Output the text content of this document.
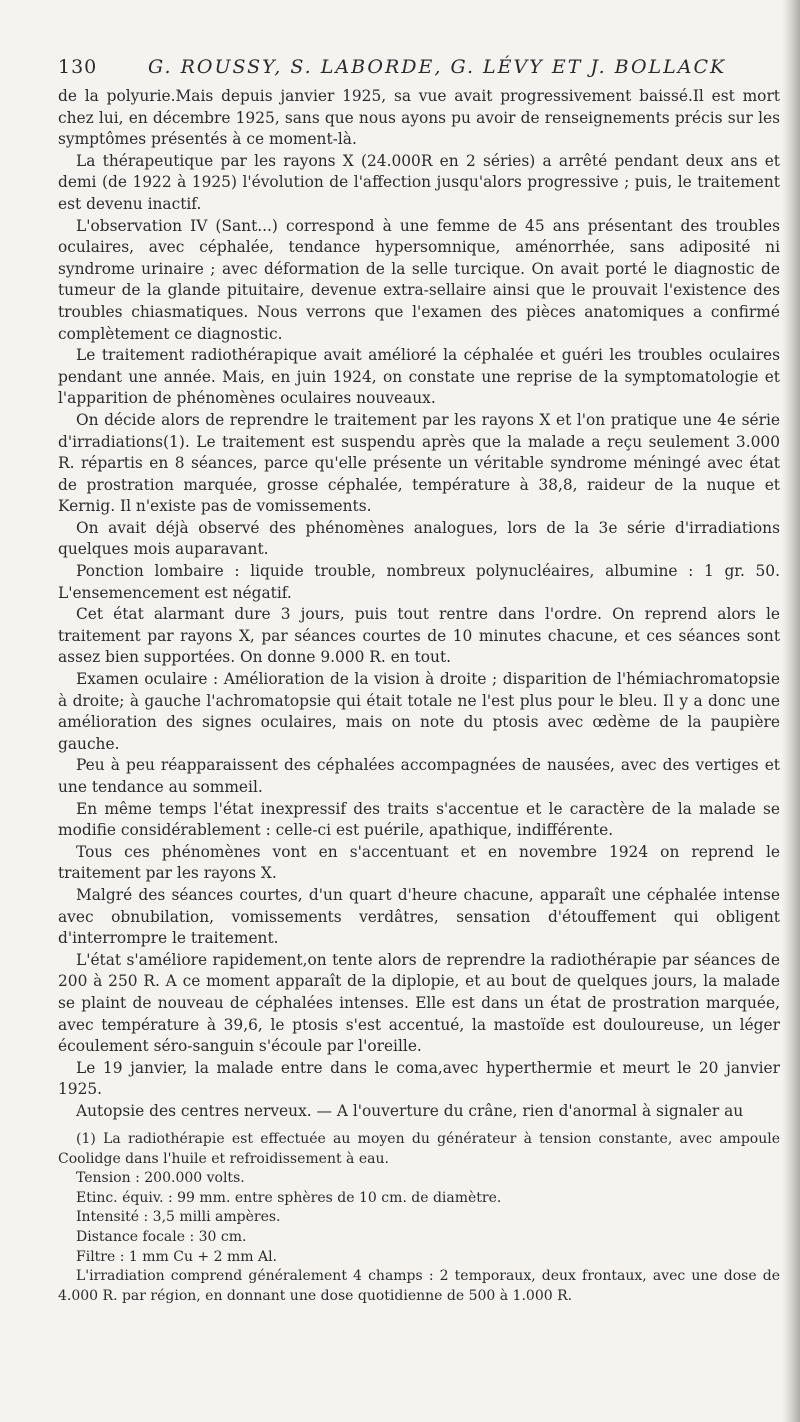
130	G. ROUSSY, S. LABORDE, G. LÉVY ET J. BOLLACK

de la polyurie.Mais depuis janvier 1925, sa vue avait progressivement baissé.Il est mort chez lui, en décembre 1925, sans que nous ayons pu avoir de renseignements précis sur les symptômes présentés à ce moment-là.

La thérapeutique par les rayons X (24.000R en 2 séries) a arrêté pendant deux ans et demi (de 1922 à 1925) l'évolution de l'affection jusqu'alors progressive ; puis, le traitement est devenu inactif.

L'observation IV (Sant...) correspond à une femme de 45 ans présentant des troubles oculaires, avec céphalée, tendance hypersomnique, aménorrhée, sans adiposité ni syndrome urinaire ; avec déformation de la selle turcique. On avait porté le diagnostic de tumeur de la glande pituitaire, devenue extra-sellaire ainsi que le prouvait l'existence des troubles chiasmatiques. Nous verrons que l'examen des pièces anatomiques a confirmé complètement ce diagnostic.

Le traitement radiothérapique avait amélioré la céphalée et guéri les troubles oculaires pendant une année. Mais, en juin 1924, on constate une reprise de la symptomatologie et l'apparition de phénomènes oculaires nouveaux.

On décide alors de reprendre le traitement par les rayons X et l'on pratique une 4e série d'irradiations(1). Le traitement est suspendu après que la malade a reçu seulement 3.000 R. répartis en 8 séances, parce qu'elle présente un véritable syndrome méningé avec état de prostration marquée, grosse céphalée, température à 38,8, raideur de la nuque et Kernig. Il n'existe pas de vomissements.

On avait déjà observé des phénomènes analogues, lors de la 3e série d'irradiations quelques mois auparavant.

Ponction lombaire : liquide trouble, nombreux polynucléaires, albumine : 1 gr. 50. L'ensemencement est négatif.

Cet état alarmant dure 3 jours, puis tout rentre dans l'ordre. On reprend alors le traitement par rayons X, par séances courtes de 10 minutes chacune, et ces séances sont assez bien supportées. On donne 9.000 R. en tout.

Examen oculaire : Amélioration de la vision à droite ; disparition de l'hémiachromatopsie à droite; à gauche l'achromatopsie qui était totale ne l'est plus pour le bleu. Il y a donc une amélioration des signes oculaires, mais on note du ptosis avec œdème de la paupière gauche.

Peu à peu réapparaissent des céphalées accompagnées de nausées, avec des vertiges et une tendance au sommeil.

En même temps l'état inexpressif des traits s'accentue et le caractère de la malade se modifie considérablement : celle-ci est puérile, apathique, indifférente.

Tous ces phénomènes vont en s'accentuant et en novembre 1924 on reprend le traitement par les rayons X.

Malgré des séances courtes, d'un quart d'heure chacune, apparaît une céphalée intense avec obnubilation, vomissements verdâtres, sensation d'étouffement qui obligent d'interrompre le traitement.

L'état s'améliore rapidement,on tente alors de reprendre la radiothérapie par séances de 200 à 250 R. A ce moment apparaît de la diplopie, et au bout de quelques jours, la malade se plaint de nouveau de céphalées intenses. Elle est dans un état de prostration marquée, avec température à 39,6, le ptosis s'est accentué, la mastoïde est douloureuse, un léger écoulement séro-sanguin s'écoule par l'oreille.

Le 19 janvier, la malade entre dans le coma,avec hyperthermie et meurt le 20 janvier 1925.

Autopsie des centres nerveux. — A l'ouverture du crâne, rien d'anormal à signaler au

(1) La radiothérapie est effectuée au moyen du générateur à tension constante, avec ampoule Coolidge dans l'huile et refroidissement à eau.

Tension : 200.000 volts.

Etinc. équiv. : 99 mm. entre sphères de 10 cm. de diamètre.

Intensité : 3,5 milli ampères.

Distance focale : 30 cm.

Filtre : 1 mm Cu + 2 mm Al.

L'irradiation comprend généralement 4 champs : 2 temporaux, deux frontaux, avec une dose de 4.000 R. par région, en donnant une dose quotidienne de 500 à 1.000 R.
